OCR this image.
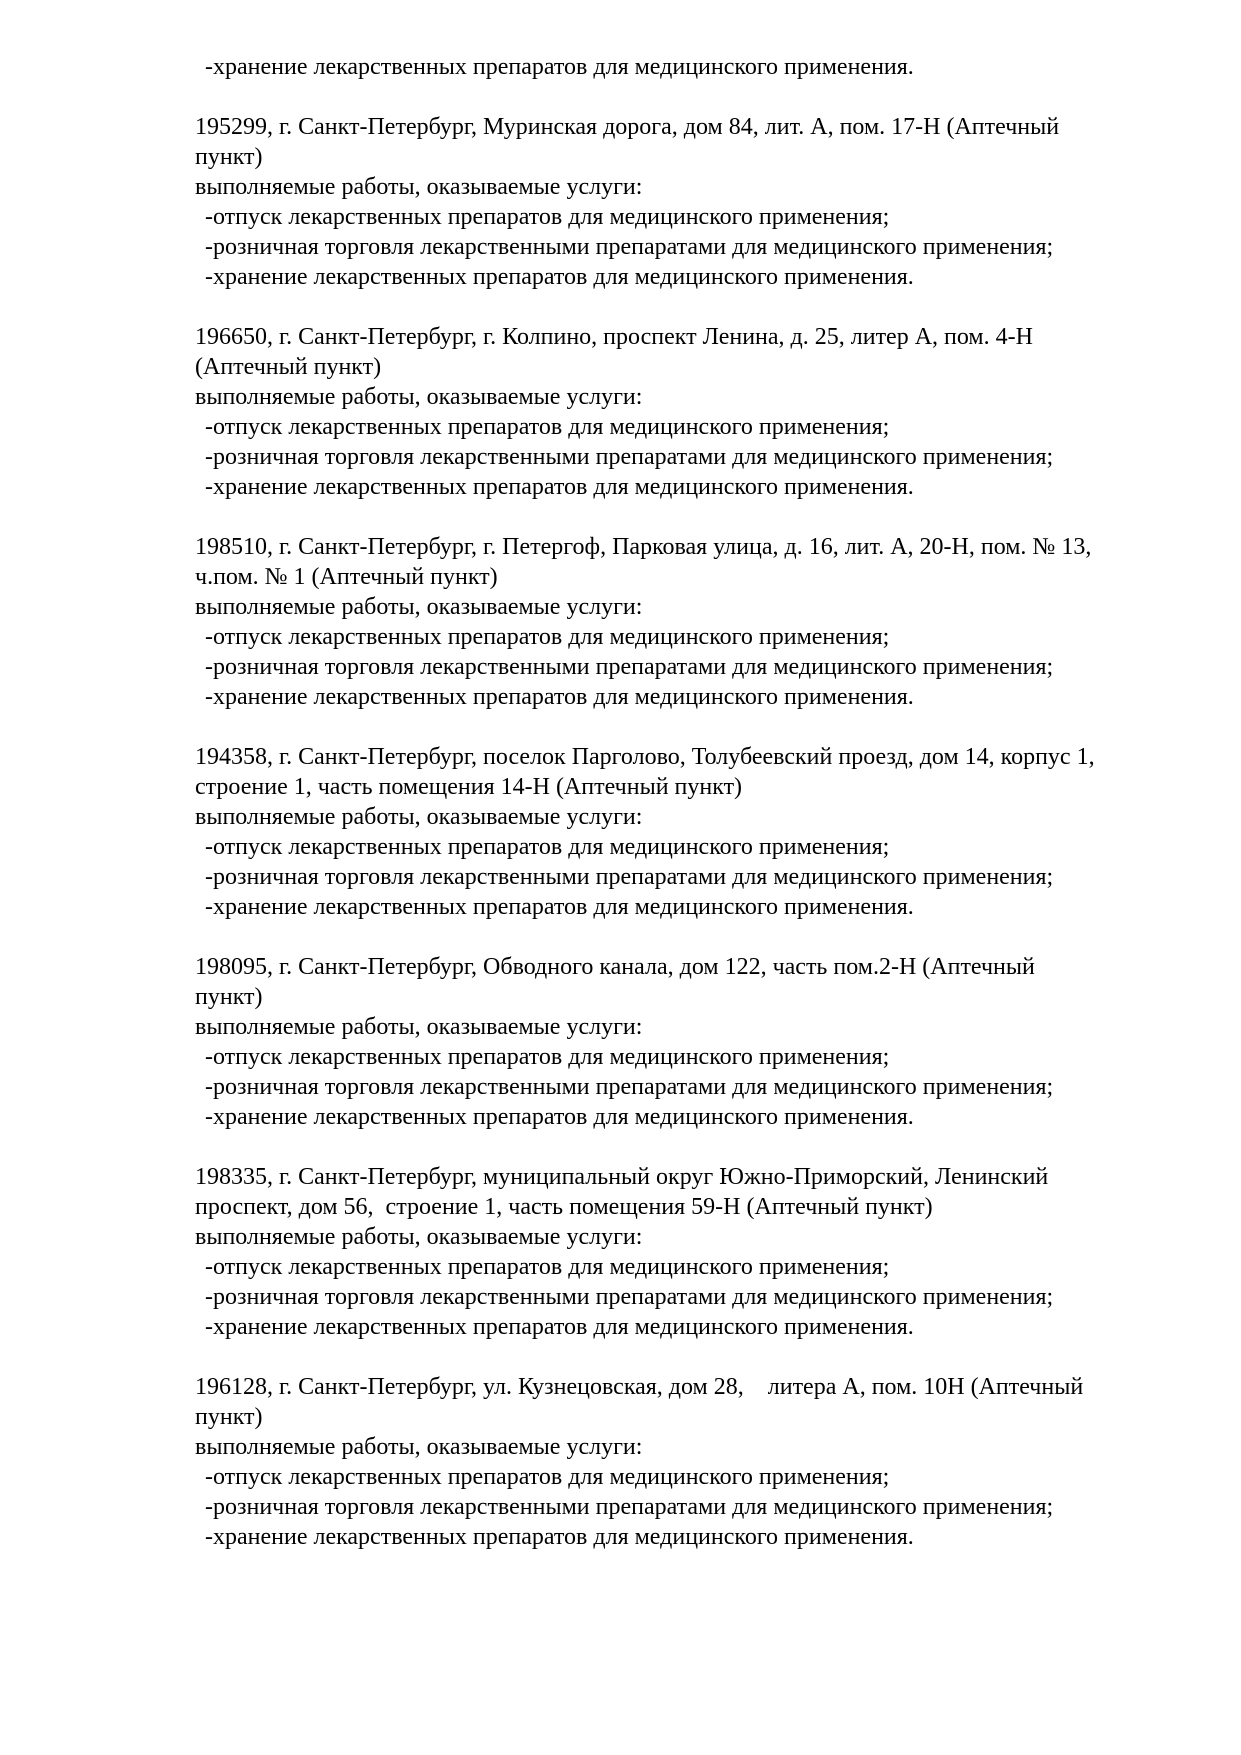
-хранение лекарственных препаратов для медицинского применения.
195299, г. Санкт-Петербург, Муринская дорога, дом 84, лит. А, пом. 17-Н (Аптечный
пункт)
выполняемые работы, оказываемые услуги:
-отпуск лекарственных препаратов для медицинского применения;
-розничная торговля лекарственными препаратами для медицинского применения;
-хранение лекарственных препаратов для медицинского применения.
196650, г. Санкт-Петербург, г. Колпино, проспект Ленина, д. 25, литер А, пом. 4-Н
(Аптечный пункт)
выполняемые работы, оказываемые услуги:
-отпуск лекарственных препаратов для медицинского применения;
-розничная торговля лекарственными препаратами для медицинского применения;
-хранение лекарственных препаратов для медицинского применения.
198510, г. Санкт-Петербург, г. Петергоф, Парковая улица, д. 16, лит. А, 20-Н, пом. № 13,
ч.пом. № 1 (Аптечный пункт)
выполняемые работы, оказываемые услуги:
-отпуск лекарственных препаратов для медицинского применения;
-розничная торговля лекарственными препаратами для медицинского применения;
-хранение лекарственных препаратов для медицинского применения.
194358, г. Санкт-Петербург, поселок Парголово, Толубеевский проезд, дом 14, корпус 1,
строение 1, часть помещения 14-Н (Аптечный пункт)
выполняемые работы, оказываемые услуги:
-отпуск лекарственных препаратов для медицинского применения;
-розничная торговля лекарственными препаратами для медицинского применения;
-хранение лекарственных препаратов для медицинского применения.
198095, г. Санкт-Петербург, Обводного канала, дом 122, часть пом.2-Н (Аптечный
пункт)
выполняемые работы, оказываемые услуги:
-отпуск лекарственных препаратов для медицинского применения;
-розничная торговля лекарственными препаратами для медицинского применения;
-хранение лекарственных препаратов для медицинского применения.
198335, г. Санкт-Петербург, муниципальный округ Южно-Приморский, Ленинский
проспект, дом 56,  строение 1, часть помещения 59-Н (Аптечный пункт)
выполняемые работы, оказываемые услуги:
-отпуск лекарственных препаратов для медицинского применения;
-розничная торговля лекарственными препаратами для медицинского применения;
-хранение лекарственных препаратов для медицинского применения.
196128, г. Санкт-Петербург, ул. Кузнецовская, дом 28,    литера А, пом. 10Н (Аптечный
пункт)
выполняемые работы, оказываемые услуги:
-отпуск лекарственных препаратов для медицинского применения;
-розничная торговля лекарственными препаратами для медицинского применения;
-хранение лекарственных препаратов для медицинского применения.
